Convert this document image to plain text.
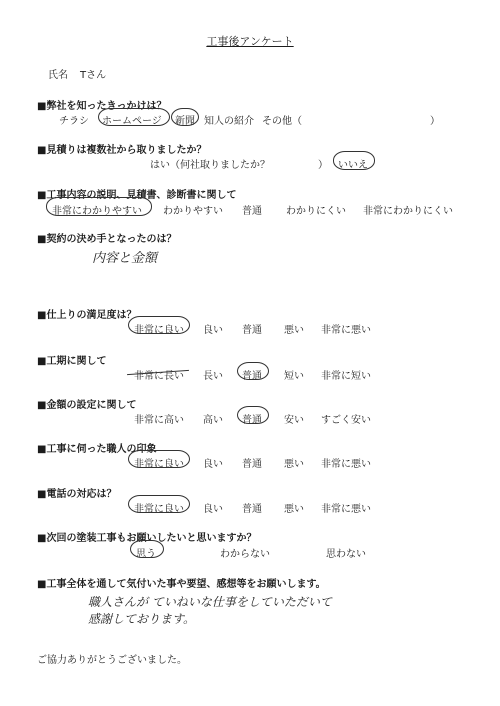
工事後アンケート
氏名 Tさん
■弊社を知ったきっかけは？
チラシ ホームページ 新聞 知人の紹介 その他（	）
■見積りは複数社から取りましたか？
はい（何社取りましたか？	） いいえ
■工事内容の説明、見積書、診断書に関して
非常にわかりやすい わかりやすい 普通 わかりにくい 非常にわかりにくい
■契約の決め手となったのは？
内容と金額
■仕上りの満足度は？
非常に良い 良い 普通 悪い 非常に悪い
■工期に関して
非常に長い 長い 普通 短い 非常に短い
■金額の設定に関して
非常に高い 高い 普通 安い すごく安い
■工事に伺った職人の印象
非常に良い 良い 普通 悪い 非常に悪い
■電話の対応は？
非常に良い 良い 普通 悪い 非常に悪い
■次回の塗装工事もお願いしたいと思いますか？
思う	わからない	思わない
■工事全体を通して気付いた事や要望、感想等をお願いします。
職人さんが ていねいな仕事をしていただいて
感謝しております。
ご協力ありがとうございました。
